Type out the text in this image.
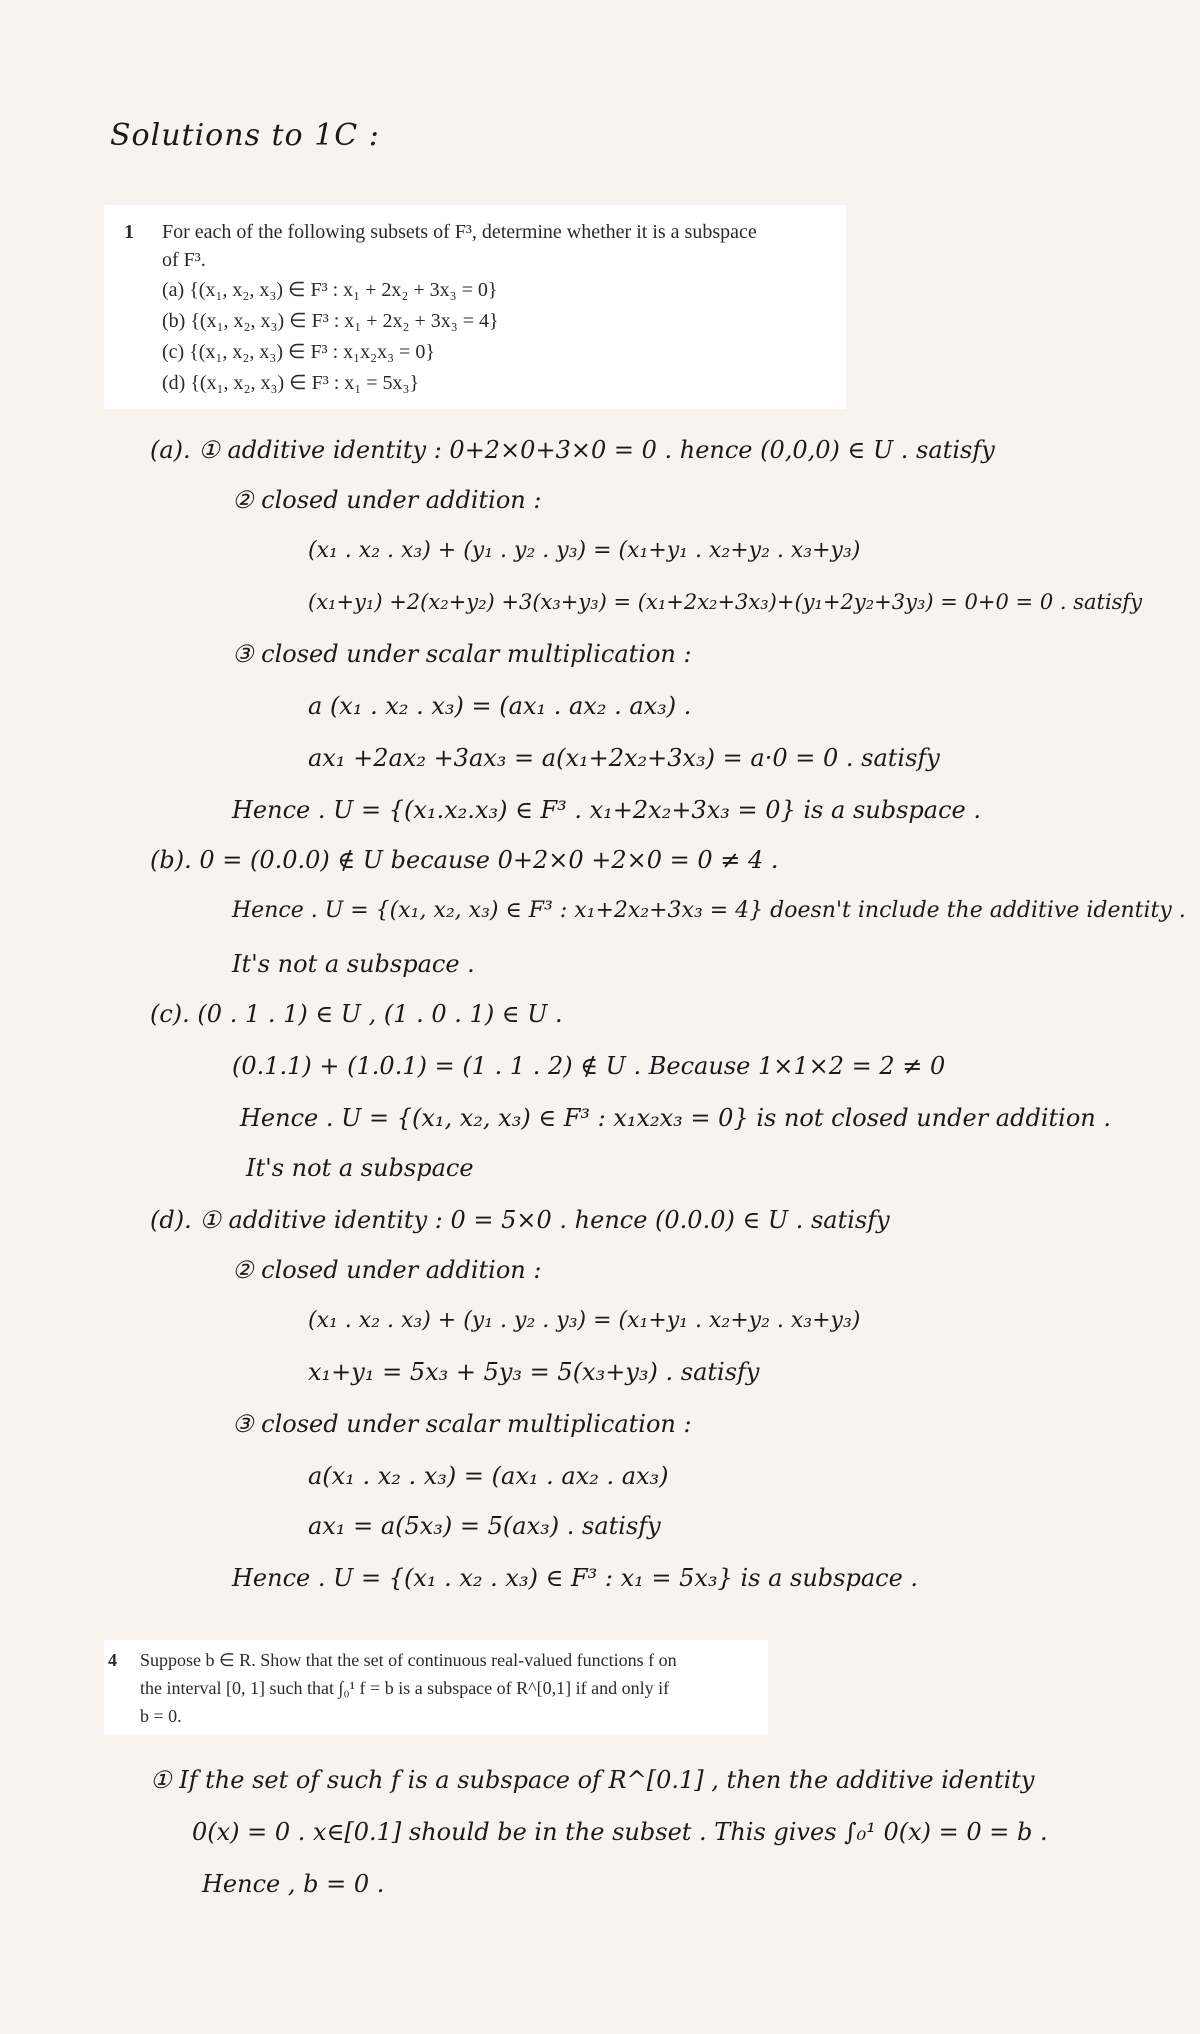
Solutions to 1C :
1 For each of the following subsets of F³, determine whether it is a subspace
of F³.
(a) {(x₁, x₂, x₃) ∈ F³ : x₁ + 2x₂ + 3x₃ = 0}
(b) {(x₁, x₂, x₃) ∈ F³ : x₁ + 2x₂ + 3x₃ = 4}
(c) {(x₁, x₂, x₃) ∈ F³ : x₁x₂x₃ = 0}
(d) {(x₁, x₂, x₃) ∈ F³ : x₁ = 5x₃}
(a). ① additive identity : 0+2×0+3×0 = 0 . hence (0,0,0) ∈ U . satisfy
② closed under addition :
(x₁ . x₂ . x₃) + (y₁ . y₂ . y₃) = (x₁+y₁ . x₂+y₂ . x₃+y₃)
(x₁+y₁) +2(x₂+y₂) +3(x₃+y₃) = (x₁+2x₂+3x₃)+(y₁+2y₂+3y₃) = 0+0 = 0 . satisfy
③ closed under scalar multiplication :
a (x₁ . x₂ . x₃) = (ax₁ . ax₂ . ax₃) .
ax₁ +2ax₂ +3ax₃ = a(x₁+2x₂+3x₃) = a·0 = 0 . satisfy
Hence . U = {(x₁.x₂.x₃) ∈ F³ . x₁+2x₂+3x₃ = 0} is a subspace .
(b). 0 = (0.0.0) ∉ U because 0+2×0 +2×0 = 0 ≠ 4 .
Hence . U = {(x₁, x₂, x₃) ∈ F³ : x₁+2x₂+3x₃ = 4} doesn't include the additive identity .
It's not a subspace .
(c). (0 . 1 . 1) ∈ U , (1 . 0 . 1) ∈ U .
(0.1.1) + (1.0.1) = (1 . 1 . 2) ∉ U . Because 1×1×2 = 2 ≠ 0
Hence . U = {(x₁, x₂, x₃) ∈ F³ : x₁x₂x₃ = 0} is not closed under addition .
It's not a subspace
(d). ① additive identity : 0 = 5×0 . hence (0.0.0) ∈ U . satisfy
② closed under addition :
(x₁ . x₂ . x₃) + (y₁ . y₂ . y₃) = (x₁+y₁ . x₂+y₂ . x₃+y₃)
x₁+y₁ = 5x₃ + 5y₃ = 5(x₃+y₃) . satisfy
③ closed under scalar multiplication :
a(x₁ . x₂ . x₃) = (ax₁ . ax₂ . ax₃)
ax₁ = a(5x₃) = 5(ax₃) . satisfy
Hence . U = {(x₁ . x₂ . x₃) ∈ F³ : x₁ = 5x₃} is a subspace .
4 Suppose b ∈ R. Show that the set of continuous real-valued functions f on
the interval [0, 1] such that ∫₀¹ f = b is a subspace of R^[0,1] if and only if
b = 0.
① If the set of such f is a subspace of R^[0.1] , then the additive identity
0(x) = 0 . x∈[0.1] should be in the subset . This gives ∫₀¹ 0(x) = 0 = b .
Hence , b = 0 .
